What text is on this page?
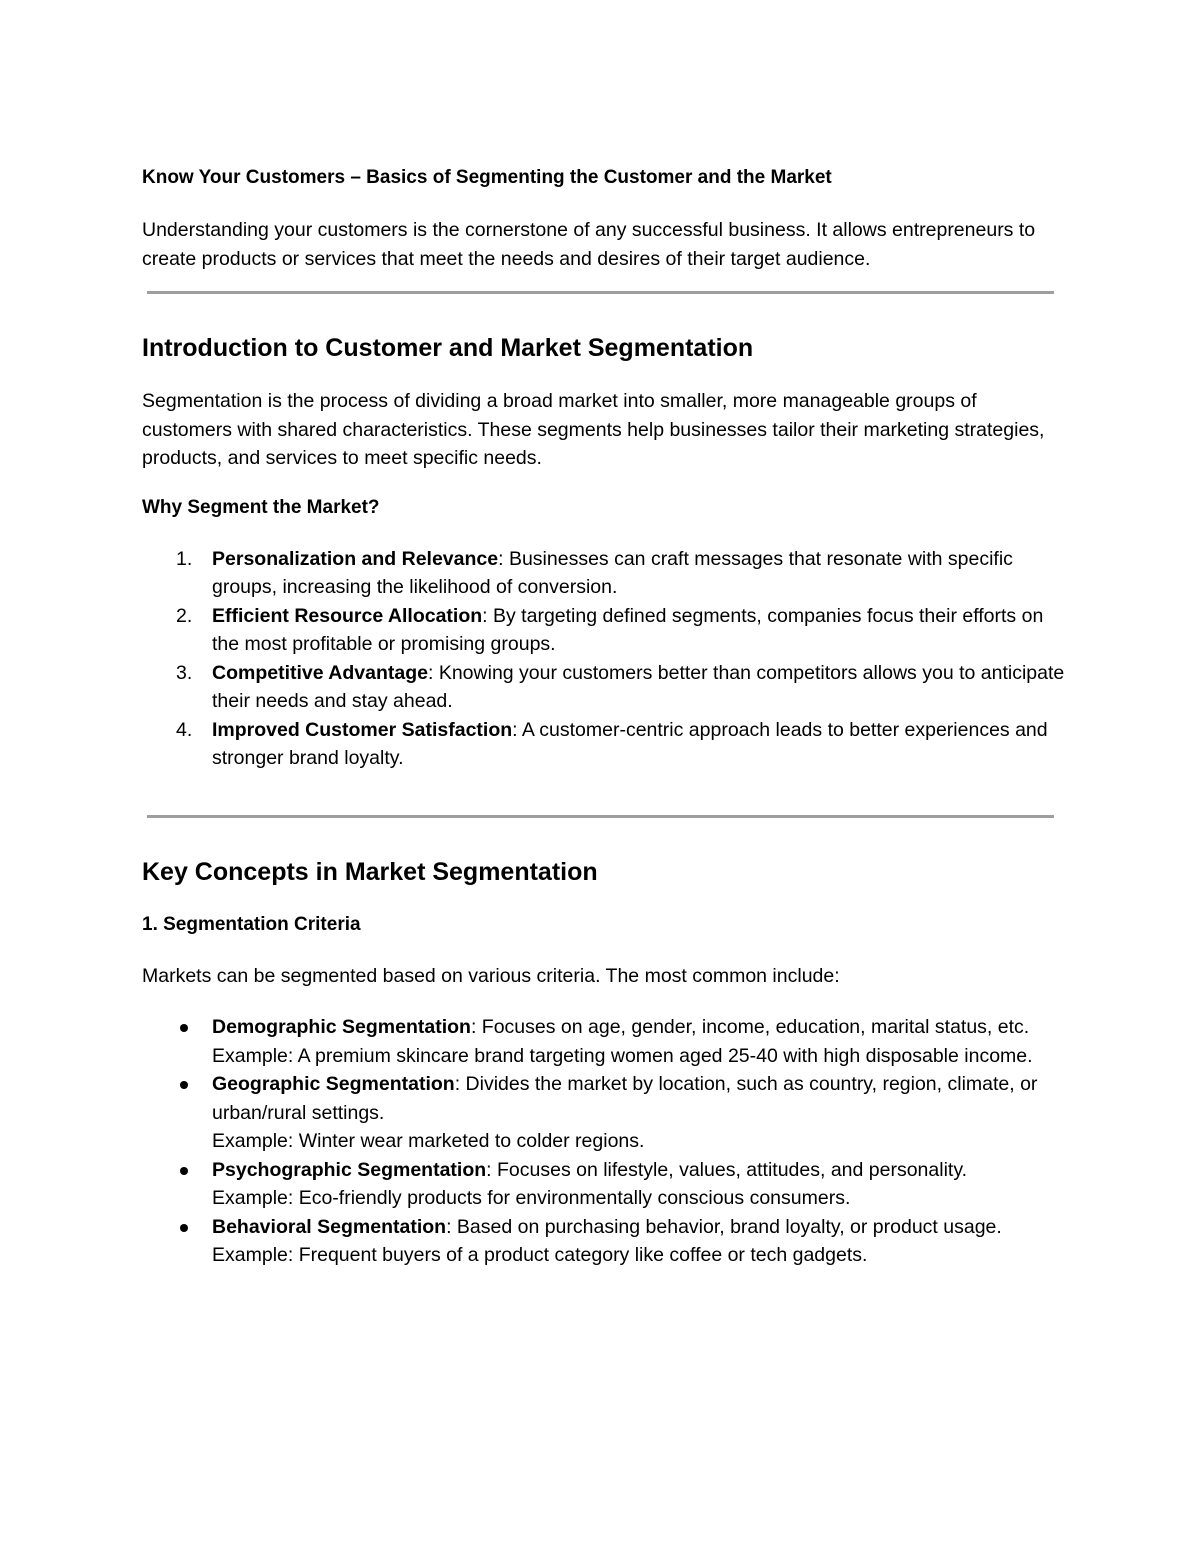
Know Your Customers – Basics of Segmenting the Customer and the Market

Understanding your customers is the cornerstone of any successful business. It allows entrepreneurs to create products or services that meet the needs and desires of their target audience.

Introduction to Customer and Market Segmentation

Segmentation is the process of dividing a broad market into smaller, more manageable groups of customers with shared characteristics. These segments help businesses tailor their marketing strategies, products, and services to meet specific needs.

Why Segment the Market?
1. Personalization and Relevance: Businesses can craft messages that resonate with specific groups, increasing the likelihood of conversion.
2. Efficient Resource Allocation: By targeting defined segments, companies focus their efforts on the most profitable or promising groups.
3. Competitive Advantage: Knowing your customers better than competitors allows you to anticipate their needs and stay ahead.
4. Improved Customer Satisfaction: A customer-centric approach leads to better experiences and stronger brand loyalty.
Key Concepts in Market Segmentation
1. Segmentation Criteria

Markets can be segmented based on various criteria. The most common include:

Demographic Segmentation: Focuses on age, gender, income, education, marital status, etc.
Example: A premium skincare brand targeting women aged 25-40 with high disposable income.
Geographic Segmentation: Divides the market by location, such as country, region, climate, or urban/rural settings.
Example: Winter wear marketed to colder regions.
Psychographic Segmentation: Focuses on lifestyle, values, attitudes, and personality.
Example: Eco-friendly products for environmentally conscious consumers.
Behavioral Segmentation: Based on purchasing behavior, brand loyalty, or product usage.
Example: Frequent buyers of a product category like coffee or tech gadgets.
